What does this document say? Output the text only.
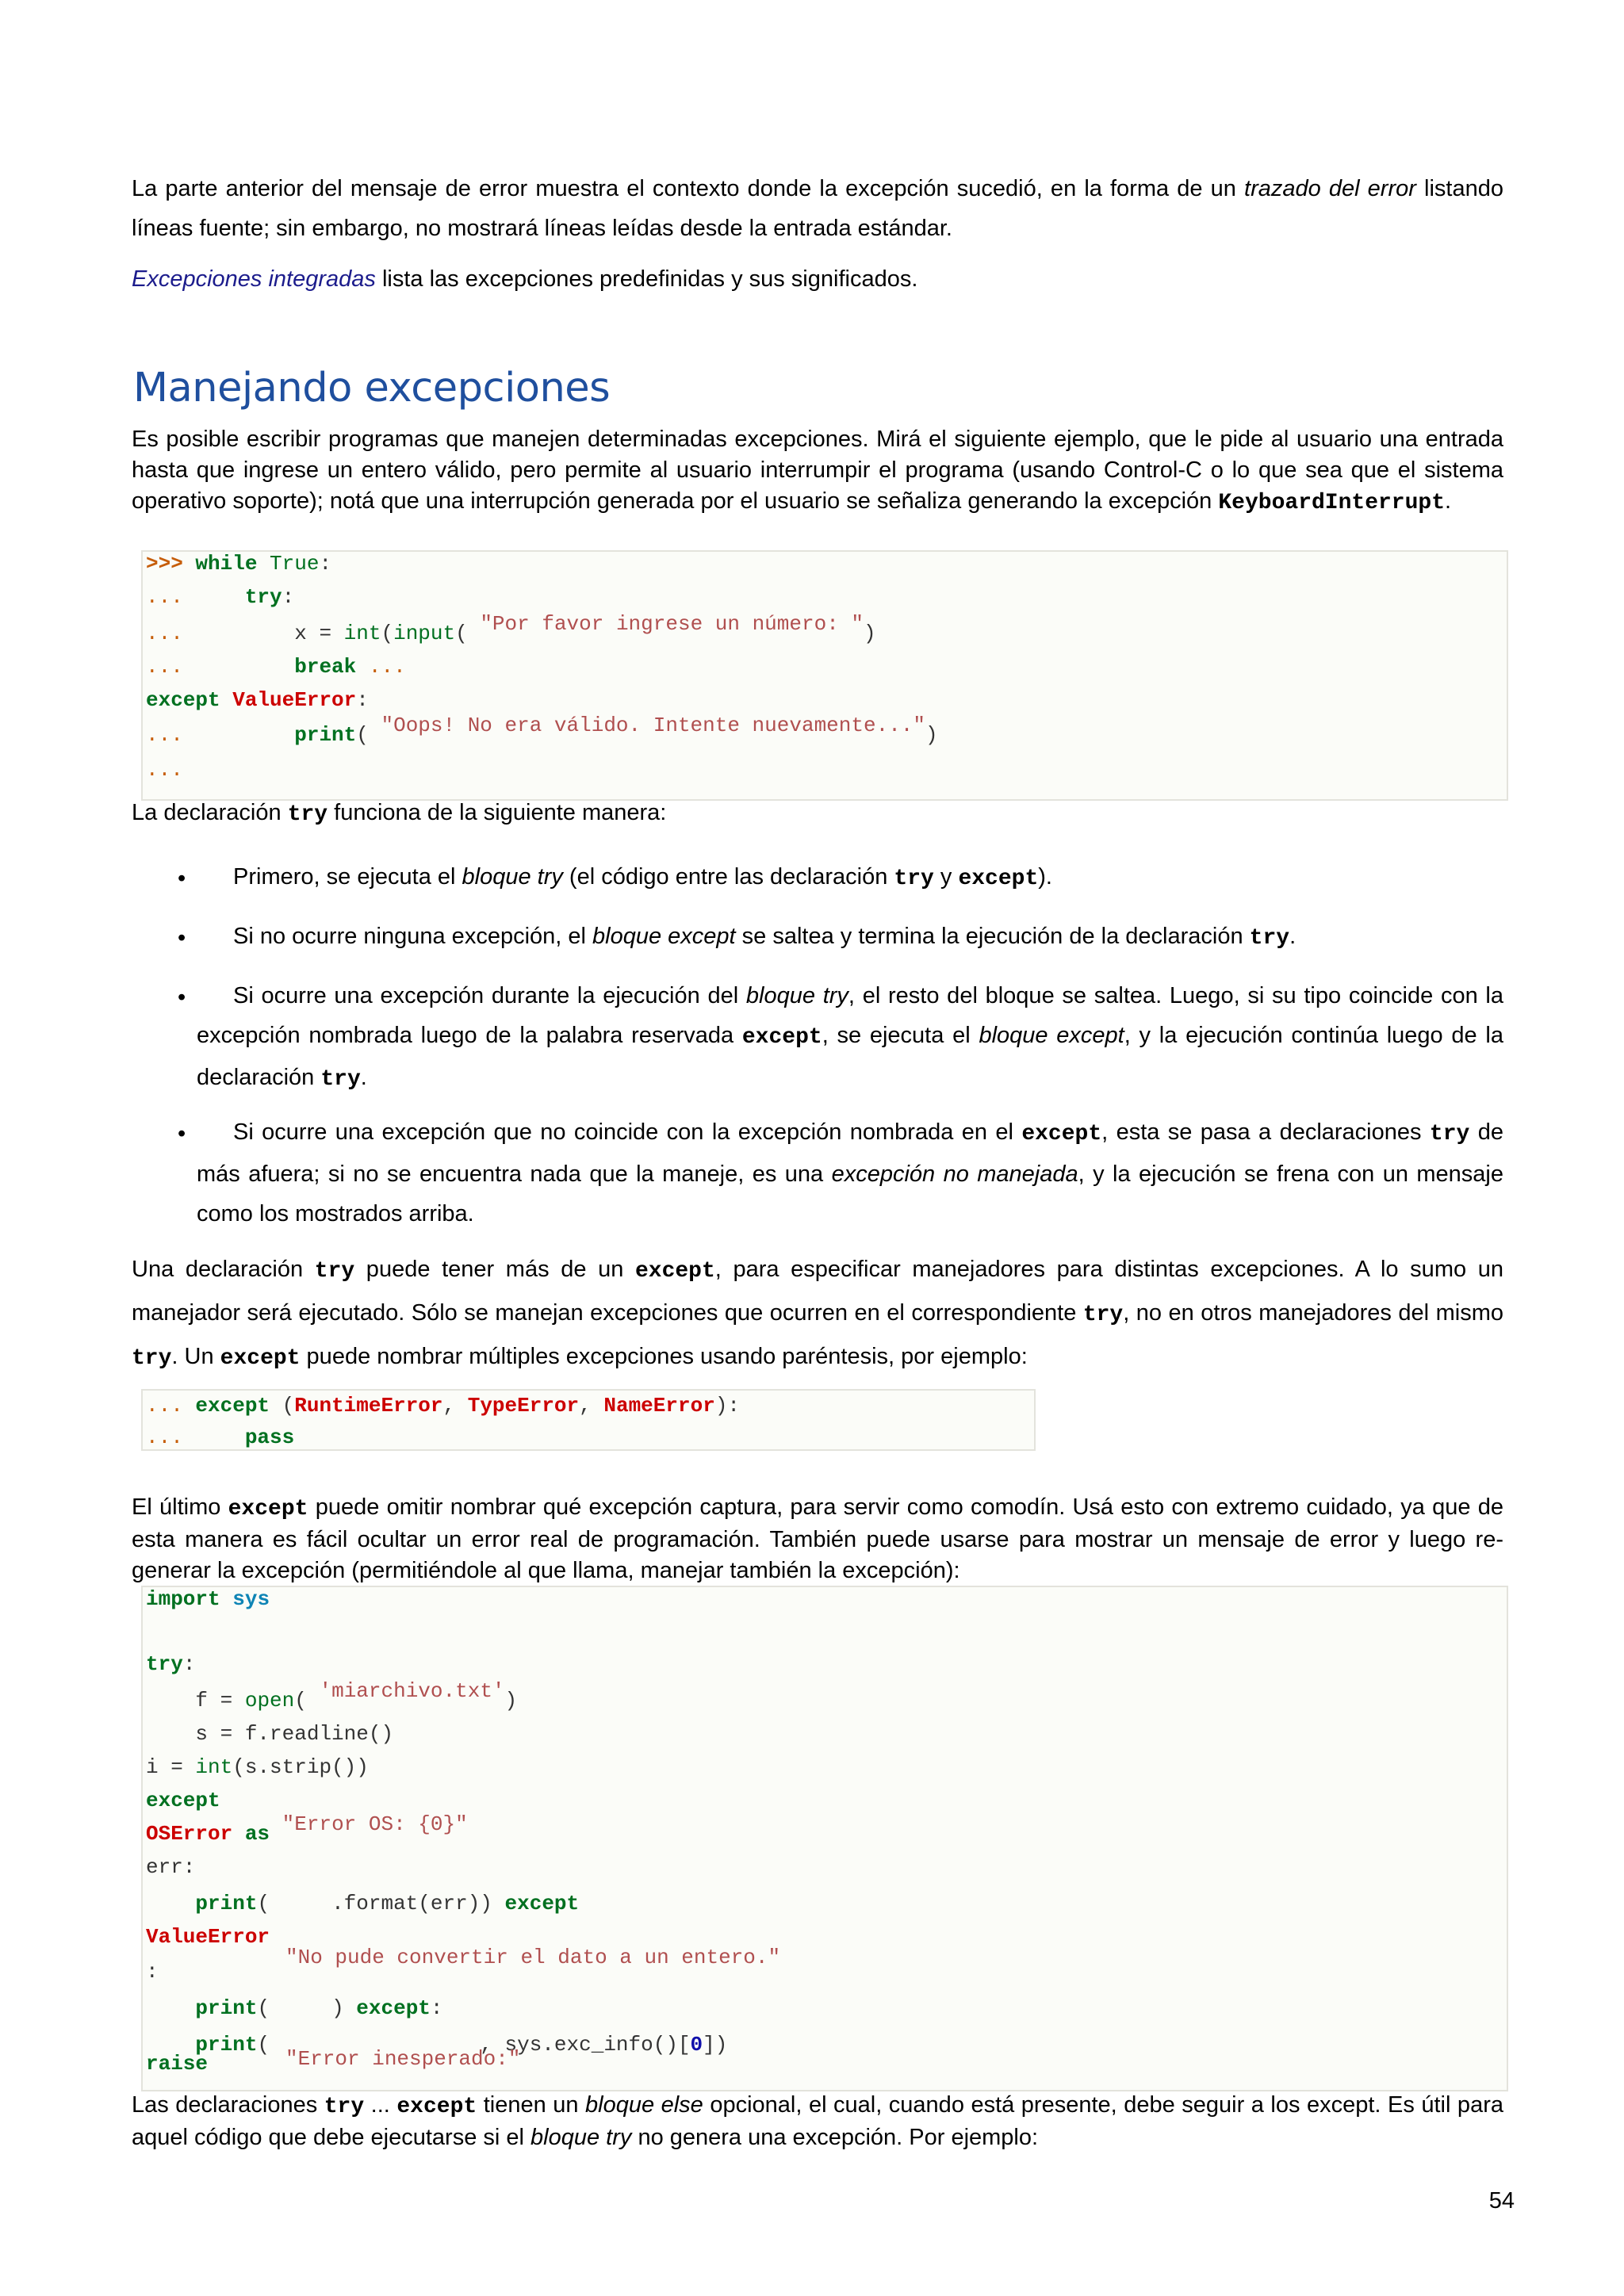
La parte anterior del mensaje de error muestra el contexto donde la excepción sucedió, en la forma de un trazado del error listando líneas fuente; sin embargo, no mostrará líneas leídas desde la entrada estándar.

Excepciones integradas lista las excepciones predefinidas y sus significados.

Manejando excepciones

Es posible escribir programas que manejen determinadas excepciones. Mirá el siguiente ejemplo, que le pide al usuario una entrada hasta que ingrese un entero válido, pero permite al usuario interrumpir el programa (usando Control-C o lo que sea que el sistema operativo soporte); notá que una interrupción generada por el usuario se señaliza generando la excepción KeyboardInterrupt.

>>> while True:
...	try:
...	x = int(input( "Por favor ingrese un número: ")
...	break ...
except ValueError:
...	print( "Oops! No era válido. Intente nuevamente...")
...

La declaración try funciona de la siguiente manera:

•	Primero, se ejecuta el bloque try (el código entre las declaración try y except).

•	Si no ocurre ninguna excepción, el bloque except se saltea y termina la ejecución de la declaración try.

•	Si ocurre una excepción durante la ejecución del bloque try, el resto del bloque se saltea. Luego, si su tipo coincide con la excepción nombrada luego de la palabra reservada except, se ejecuta el bloque except, y la ejecución continúa luego de la declaración try.

•	Si ocurre una excepción que no coincide con la excepción nombrada en el except, esta se pasa a declaraciones try de más afuera; si no se encuentra nada que la maneje, es una excepción no manejada, y la ejecución se frena con un mensaje como los mostrados arriba.

Una declaración try puede tener más de un except, para especificar manejadores para distintas excepciones. A lo sumo un manejador será ejecutado. Sólo se manejan excepciones que ocurren en el correspondiente try, no en otros manejadores del mismo try. Un except puede nombrar múltiples excepciones usando paréntesis, por ejemplo:

... except (RuntimeError, TypeError, NameError):
...	pass

El último except puede omitir nombrar qué excepción captura, para servir como comodín. Usá esto con extremo cuidado, ya que de esta manera es fácil ocultar un error real de programación. También puede usarse para mostrar un mensaje de error y luego re-generar la excepción (permitiéndole al que llama, manejar también la excepción):

import sys
try:
f = open( 'miarchivo.txt')
s = f.readline()
i = int(s.strip())
except
OSError as "Error OS: {0}"
err:
print(	.format(err)) except
ValueError
"No pude convertir el dato a un entero."
:
print(	) except:
print(	, sys.exc_info()[0])
raise	"Error inesperado:"

Las declaraciones try ... except tienen un bloque else opcional, el cual, cuando está presente, debe seguir a los except. Es útil para aquel código que debe ejecutarse si el bloque try no genera una excepción. Por ejemplo:

54
